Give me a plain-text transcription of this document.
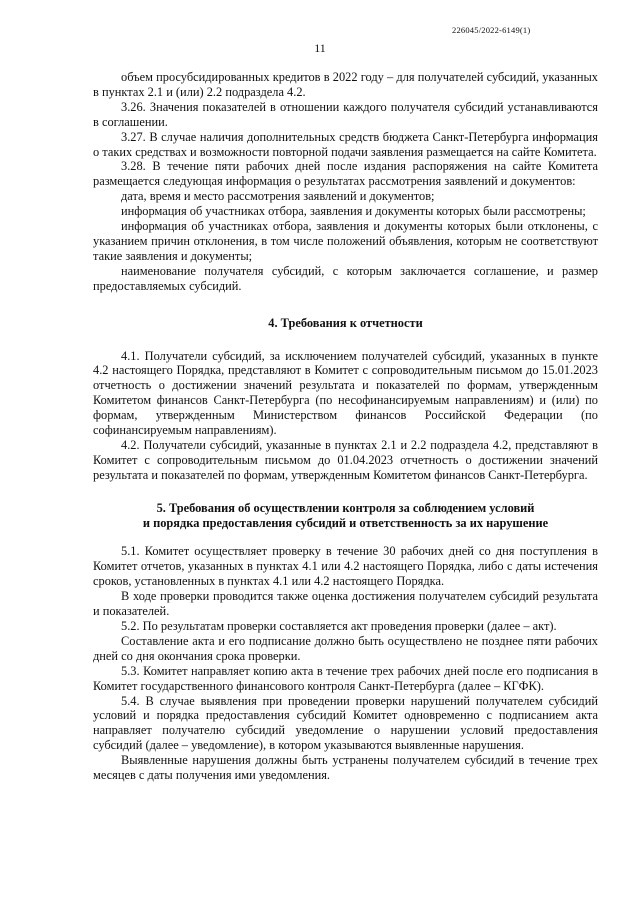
226045/2022-6149(1)
11

объем просубсидированных кредитов в 2022 году – для получателей субсидий, указанных в пунктах 2.1 и (или) 2.2 подраздела 4.2.

3.26. Значения показателей в отношении каждого получателя субсидий устанавливаются в соглашении.

3.27. В случае наличия дополнительных средств бюджета Санкт-Петербурга информация о таких средствах и возможности повторной подачи заявления размещается на сайте Комитета.

3.28. В течение пяти рабочих дней после издания распоряжения на сайте Комитета размещается следующая информация о результатах рассмотрения заявлений и документов:

дата, время и место рассмотрения заявлений и документов;

информация об участниках отбора, заявления и документы которых были рассмотрены;

информация об участниках отбора, заявления и документы которых были отклонены, с указанием причин отклонения, в том числе положений объявления, которым не соответствуют такие заявления и документы;

наименование получателя субсидий, с которым заключается соглашение, и размер предоставляемых субсидий.

4. Требования к отчетности

4.1. Получатели субсидий, за исключением получателей субсидий, указанных в пункте 4.2 настоящего Порядка, представляют в Комитет с сопроводительным письмом до 15.01.2023 отчетность о достижении значений результата и показателей по формам, утвержденным Комитетом финансов Санкт-Петербурга (по несофинансируемым направлениям) и (или) по формам, утвержденным Министерством финансов Российской Федерации (по софинансируемым направлениям).

4.2. Получатели субсидий, указанные в пунктах 2.1 и 2.2 подраздела 4.2, представляют в Комитет с сопроводительным письмом до 01.04.2023 отчетность о достижении значений результата и показателей по формам, утвержденным Комитетом финансов Санкт-Петербурга.

5. Требования об осуществлении контроля за соблюдением условий

и порядка предоставления субсидий и ответственность за их нарушение

5.1. Комитет осуществляет проверку в течение 30 рабочих дней со дня поступления в Комитет отчетов, указанных в пунктах 4.1 или 4.2 настоящего Порядка, либо с даты истечения сроков, установленных в пунктах 4.1 или 4.2 настоящего Порядка.

В ходе проверки проводится также оценка достижения получателем субсидий результата и показателей.

5.2. По результатам проверки составляется акт проведения проверки (далее – акт).

Составление акта и его подписание должно быть осуществлено не позднее пяти рабочих дней со дня окончания срока проверки.

5.3. Комитет направляет копию акта в течение трех рабочих дней после его подписания в Комитет государственного финансового контроля Санкт-Петербурга (далее – КГФК).

5.4. В случае выявления при проведении проверки нарушений получателем субсидий условий и порядка предоставления субсидий Комитет одновременно с подписанием акта направляет получателю субсидий уведомление о нарушении условий предоставления субсидий (далее – уведомление), в котором указываются выявленные нарушения.

Выявленные нарушения должны быть устранены получателем субсидий в течение трех месяцев с даты получения ими уведомления.
